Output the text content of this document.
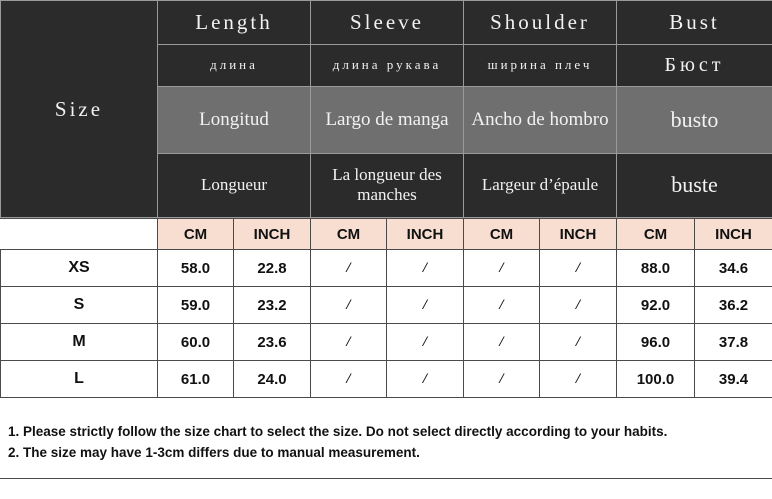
Size	Length	Sleeve	Shoulder	Bust
	длина	длина рукава	ширина плеч	Бюст
	Longitud	Largo de manga	Ancho de hombro	busto
	Longueur	La longueur des manches	Largeur d’épaule	buste
	CM	INCH	CM	INCH	CM	INCH	CM	INCH
XS	58.0	22.8	/	/	/	/	88.0	34.6
S	59.0	23.2	/	/	/	/	92.0	36.2
M	60.0	23.6	/	/	/	/	96.0	37.8
L	61.0	24.0	/	/	/	/	100.0	39.4
1. Please strictly follow the size chart to select the size. Do not select directly according to your habits.
2. The size may have 1-3cm differs due to manual measurement.
